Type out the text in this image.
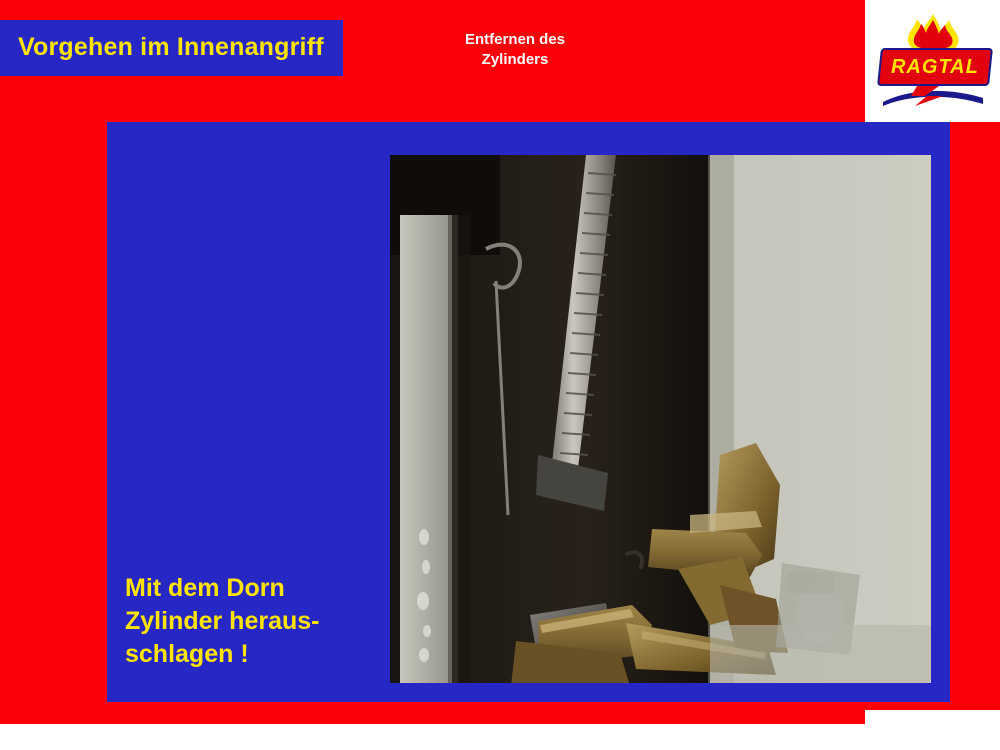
Vorgehen im Innenangriff	Entfernen des
Zylinders	RAGTAL
Mit dem Dorn
Zylinder heraus-
schlagen !
